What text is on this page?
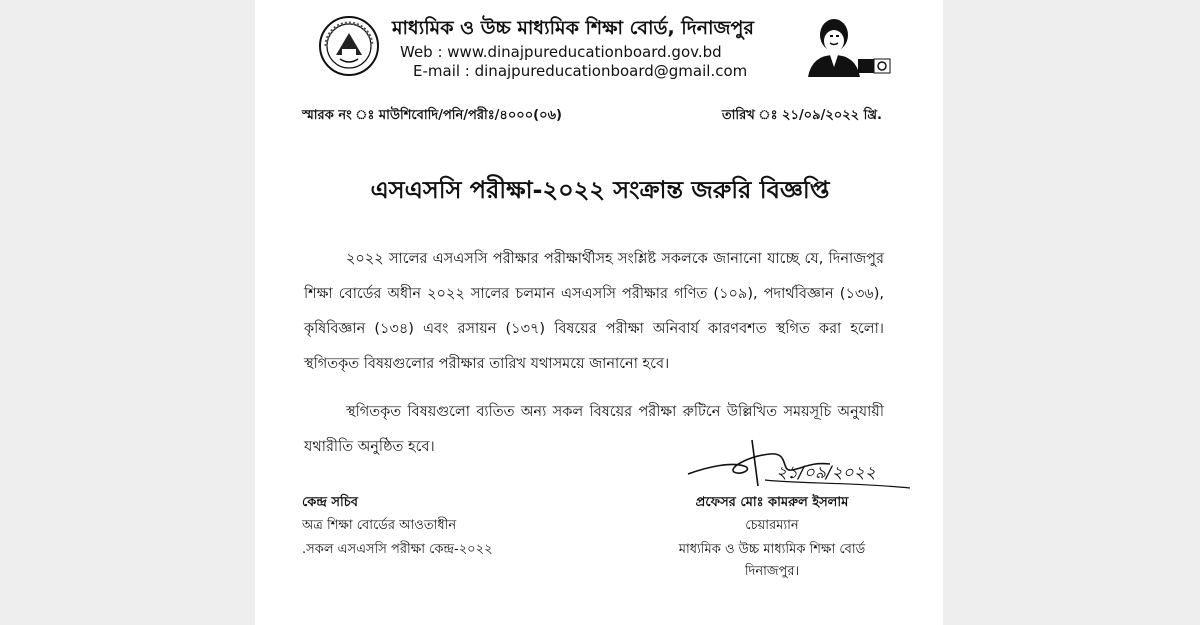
মাধ্যমিক ও উচ্চ মাধ্যমিক শিক্ষা বোর্ড, দিনাজপুর
Web : www.dinajpureducationboard.gov.bd
E-mail : dinajpureducationboard@gmail.com
স্মারক নং ঃ মাউশিবোদি/পনি/পরীঃ/৪০০০(০৬)	তারিখ ঃ ২১/০৯/২০২২ খ্রি.
এসএসসি পরীক্ষা-২০২২ সংক্রান্ত জরুরি বিজ্ঞপ্তি
২০২২ সালের এসএসসি পরীক্ষার পরীক্ষার্থীসহ সংশ্লিষ্ট সকলকে জানানো যাচ্ছে যে, দিনাজপুর শিক্ষা বোর্ডের অধীন ২০২২ সালের চলমান এসএসসি পরীক্ষার গণিত (১০৯), পদার্থবিজ্ঞান (১৩৬), কৃষিবিজ্ঞান (১৩৪) এবং রসায়ন (১৩৭) বিষয়ের পরীক্ষা অনিবার্য কারণবশত স্থগিত করা হলো। স্থগিতকৃত বিষয়গুলোর পরীক্ষার তারিখ যথাসময়ে জানানো হবে।
স্থগিতকৃত বিষয়গুলো ব্যতিত অন্য সকল বিষয়ের পরীক্ষা রুটিনে উল্লিখিত সময়সূচি অনুযায়ী যথারীতি অনুষ্ঠিত হবে।
২১/০৯/২০২২
কেন্দ্র সচিব
অত্র শিক্ষা বোর্ডের আওতাধীন
.সকল এসএসসি পরীক্ষা কেন্দ্র-২০২২
প্রফেসর মোঃ কামরুল ইসলাম
চেয়ারম্যান
মাধ্যমিক ও উচ্চ মাধ্যমিক শিক্ষা বোর্ড
দিনাজপুর।
